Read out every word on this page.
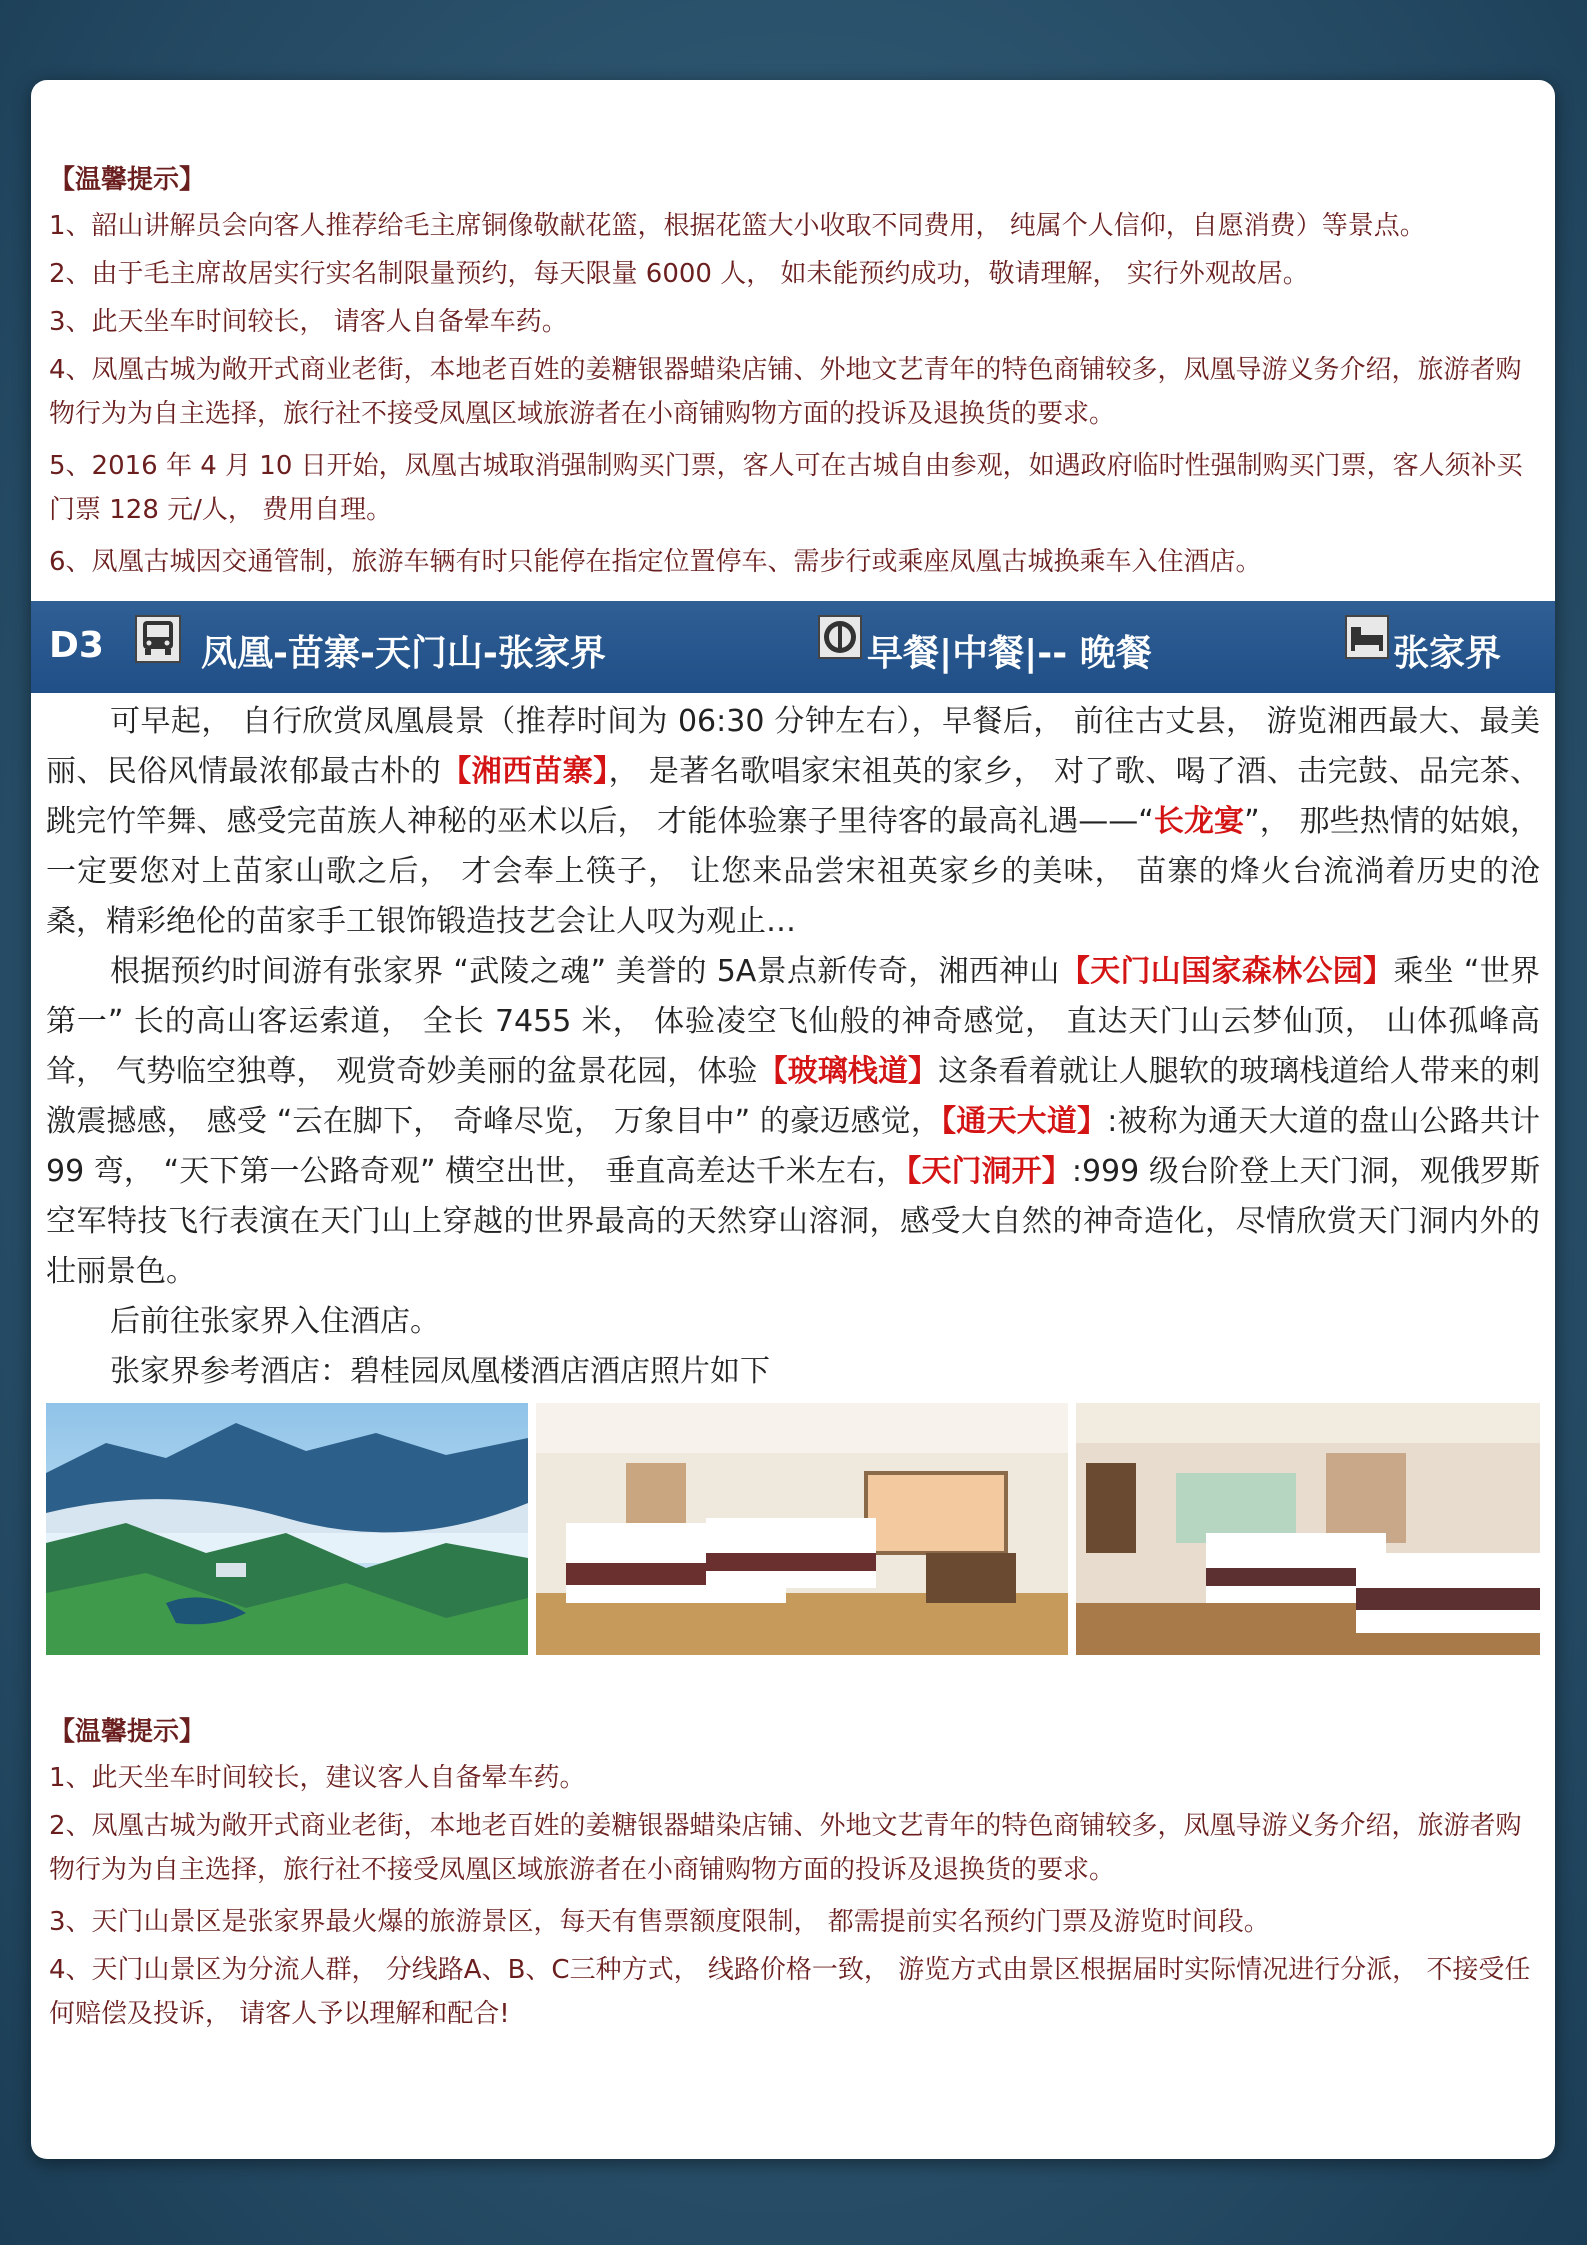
【温馨提示】

1、韶山讲解员会向客人推荐给毛主席铜像敬献花篮，根据花篮大小收取不同费用， 纯属个人信仰，自愿消费）等景点。

2、由于毛主席故居实行实名制限量预约，每天限量 6000 人， 如未能预约成功，敬请理解， 实行外观故居。

3、此天坐车时间较长， 请客人自备晕车药。

4、凤凰古城为敞开式商业老街，本地老百姓的姜糖银器蜡染店铺、外地文艺青年的特色商铺较多，凤凰导游义务介绍，旅游者购物行为为自主选择，旅行社不接受凤凰区域旅游者在小商铺购物方面的投诉及退换货的要求。

5、2016 年 4 月 10 日开始，凤凰古城取消强制购买门票，客人可在古城自由参观，如遇政府临时性强制购买门票，客人须补买门票 128 元/人， 费用自理。

6、凤凰古城因交通管制，旅游车辆有时只能停在指定位置停车、需步行或乘座凤凰古城换乘车入住酒店。

D3	凤凰-苗寨-天门山-张家界	早餐|中餐|-- 晚餐	张家界

可早起， 自行欣赏凤凰晨景（推荐时间为 06:30 分钟左右），早餐后， 前往古丈县， 游览湘西最大、最美丽、民俗风情最浓郁最古朴的【湘西苗寨】， 是著名歌唱家宋祖英的家乡， 对了歌、喝了酒、击完鼓、品完茶、跳完竹竿舞、感受完苗族人神秘的巫术以后， 才能体验寨子里待客的最高礼遇——“长龙宴”， 那些热情的姑娘， 一定要您对上苗家山歌之后， 才会奉上筷子， 让您来品尝宋祖英家乡的美味， 苗寨的烽火台流淌着历史的沧桑，精彩绝伦的苗家手工银饰锻造技艺会让人叹为观止…

根据预约时间游有张家界 “武陵之魂” 美誉的 5A景点新传奇，湘西神山【天门山国家森林公园】乘坐 “世界第一” 长的高山客运索道， 全长 7455 米， 体验凌空飞仙般的神奇感觉， 直达天门山云梦仙顶， 山体孤峰高耸， 气势临空独尊， 观赏奇妙美丽的盆景花园，体验【玻璃栈道】这条看着就让人腿软的玻璃栈道给人带来的刺激震撼感， 感受 “云在脚下， 奇峰尽览， 万象目中” 的豪迈感觉，【通天大道】:被称为通天大道的盘山公路共计 99 弯， “天下第一公路奇观” 横空出世， 垂直高差达千米左右，【天门洞开】:999 级台阶登上天门洞，观俄罗斯空军特技飞行表演在天门山上穿越的世界最高的天然穿山溶洞，感受大自然的神奇造化，尽情欣赏天门洞内外的壮丽景色。

后前往张家界入住酒店。

张家界参考酒店：碧桂园凤凰楼酒店酒店照片如下

【温馨提示】

1、此天坐车时间较长，建议客人自备晕车药。

2、凤凰古城为敞开式商业老街，本地老百姓的姜糖银器蜡染店铺、外地文艺青年的特色商铺较多，凤凰导游义务介绍，旅游者购物行为为自主选择，旅行社不接受凤凰区域旅游者在小商铺购物方面的投诉及退换货的要求。

3、天门山景区是张家界最火爆的旅游景区，每天有售票额度限制， 都需提前实名预约门票及游览时间段。

4、天门山景区为分流人群， 分线路A、B、C三种方式， 线路价格一致， 游览方式由景区根据届时实际情况进行分派， 不接受任何赔偿及投诉， 请客人予以理解和配合!
